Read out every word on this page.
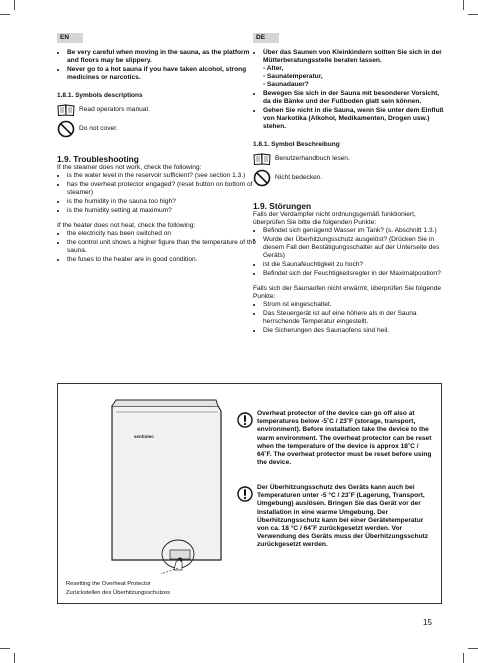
EN
• Be very careful when moving in the sauna, as the platform and floors may be slippery.
• Never go to a hot sauna if you have taken alcohol, strong medicines or narcotics.
1.8.1. Symbols descriptions
Read operators manual.
Do not cover.
1.9. Troubleshooting

If the steamer does not work, check the following:

• is the water level in the reservoir sufficient? (see section 1.3.)
• has the overheat protector engaged? (reset button on bottom of steamer)
• is the humidity in the sauna too high?
• is the humidity setting at maximum?

If the heater does not heat, check the following:

• the electricity has been switched on
• the control unit shows a higher figure than the temperature of the sauna.
• the fuses to the heater are in good condition.
DE
• Über das Saunen von Kleinkindern sollten Sie sich in der Mütterberatungsstelle beraten lassen.
- Alter,
- Saunatemperatur,
- Saunadauer?
• Bewegen Sie sich in der Sauna mit besonderer Vorsicht, da die Bänke und der Fußboden glatt sein können.
• Gehen Sie nicht in die Sauna, wenn Sie unter dem Einfluß von Narkotika (Alkohol, Medikamenten, Drogen usw.) stehen.
1.8.1. Symbol Beschreibung
Benutzerhandbuch lesen.
Nicht bedecken.
1.9. Störungen

Falls der Verdampfer nicht ordnungsgemäß funktioniert, überprüfen Sie bitte die folgenden Punkte:

• Befindet sich genügend Wasser im Tank? (s. Abschnitt 1.3.)
• Wurde der Überhitzungsschutz ausgelöst? (Drücken Sie in diesem Fall den Bestätigungsschalter auf der Unterseite des Geräts)
• ist die Saunafeuchtigkeit zu hoch?
• Befindet sich der Feuchtigkeitsregler in der Maximalposition?

Falls sich der Saunaofen nicht erwärmt, überprüfen Sie folgende Punkte:

• Strom ist eingeschaltet.
• Das Steuergerät ist auf eine höhere als in der Sauna herrschende Temperatur eingestellt.
• Die Sicherungen des Saunaofens sind heil.
sentiotec
Resetting the Overheat Protector
Zurückstellen des Überhitzungsschutzes
Overheat protector of the device can go off also at temperatures below -5˚C / 23˚F (storage, transport, environment). Before installation take the device to the warm environment. The overheat protector can be reset when the temperature of the device is approx 18˚C / 64˚F. The overheat protector must be reset before using the device.
Der Überhitzungsschutz des Geräts kann auch bei Temperaturen unter -5 °C / 23˚F (Lagerung, Transport, Umgebung) auslösen. Bringen Sie das Gerät vor der Installation in eine warme Umgebung. Der Überhitzungsschutz kann bei einer Gerätetemperatur von ca. 18 °C / 64˚F zurückgesetzt werden. Vor Verwendung des Geräts muss der Überhitzungsschutz zurückgesetzt werden.
15
